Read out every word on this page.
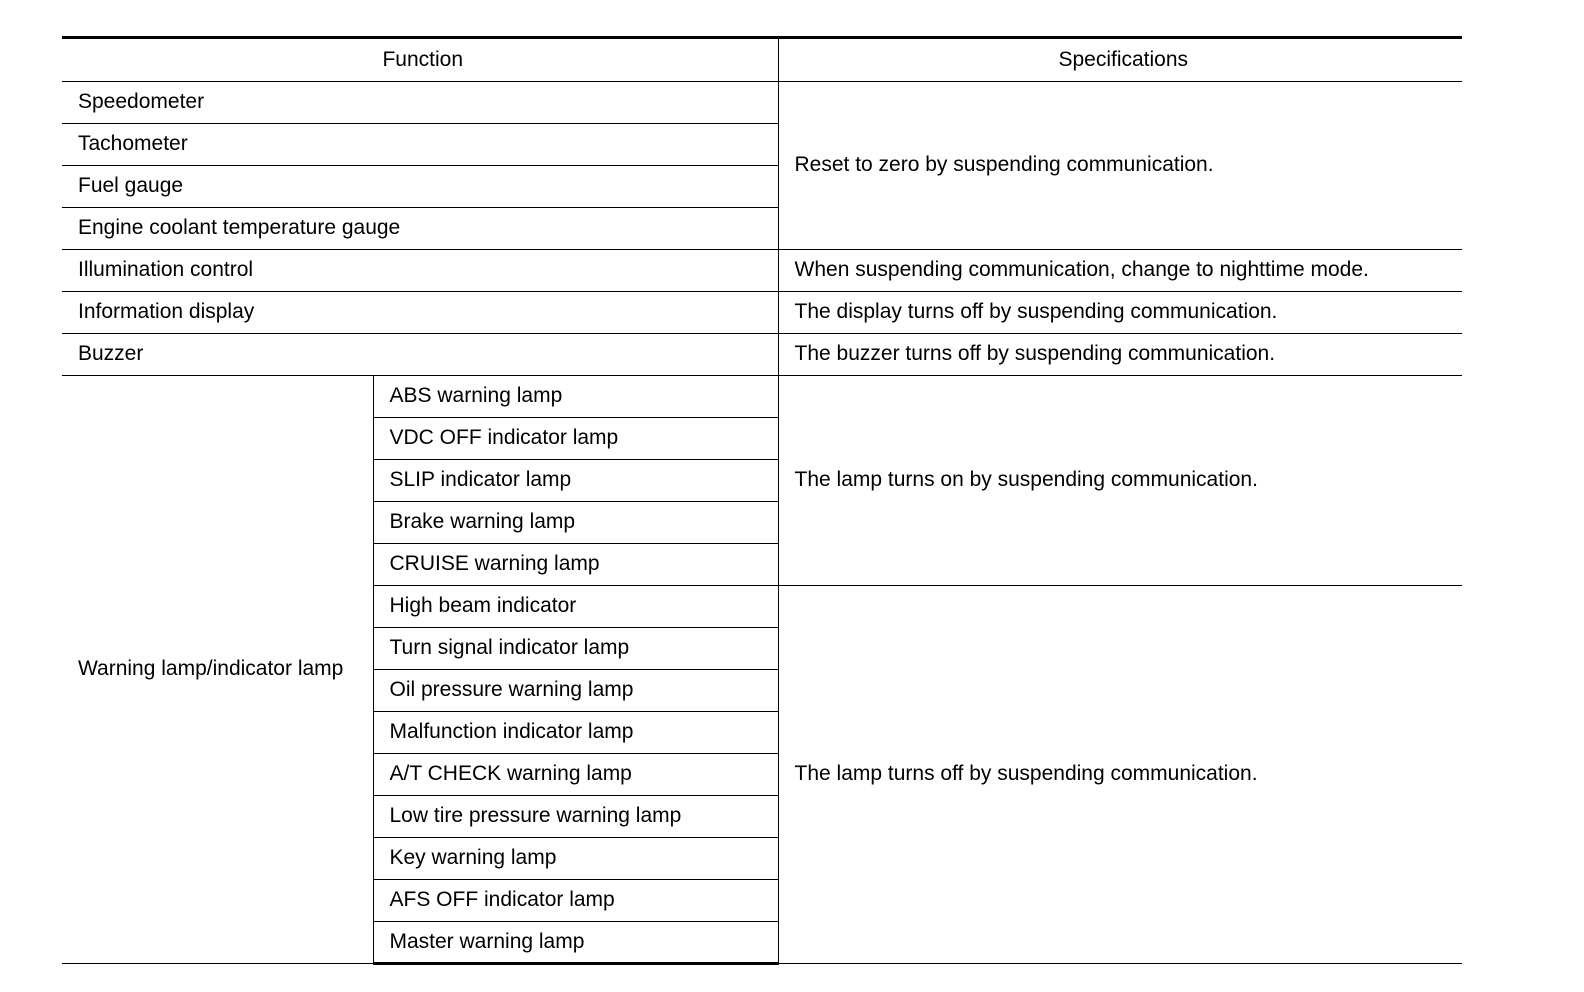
Function		Specifications
Speedometer		Reset to zero by suspending communication.
Tachometer		
Fuel gauge		
Engine coolant temperature gauge		
Illumination control		When suspending communication, change to nighttime mode.
Information display		The display turns off by suspending communication.
Buzzer		The buzzer turns off by suspending communication.
Warning lamp/indicator lamp	ABS warning lamp	The lamp turns on by suspending communication.
	VDC OFF indicator lamp	
	SLIP indicator lamp	
	Brake warning lamp	
	CRUISE warning lamp	
	High beam indicator	The lamp turns off by suspending communication.
	Turn signal indicator lamp	
	Oil pressure warning lamp	
	Malfunction indicator lamp	
	A/T CHECK warning lamp	
	Low tire pressure warning lamp	
	Key warning lamp	
	AFS OFF indicator lamp	
	Master warning lamp	
